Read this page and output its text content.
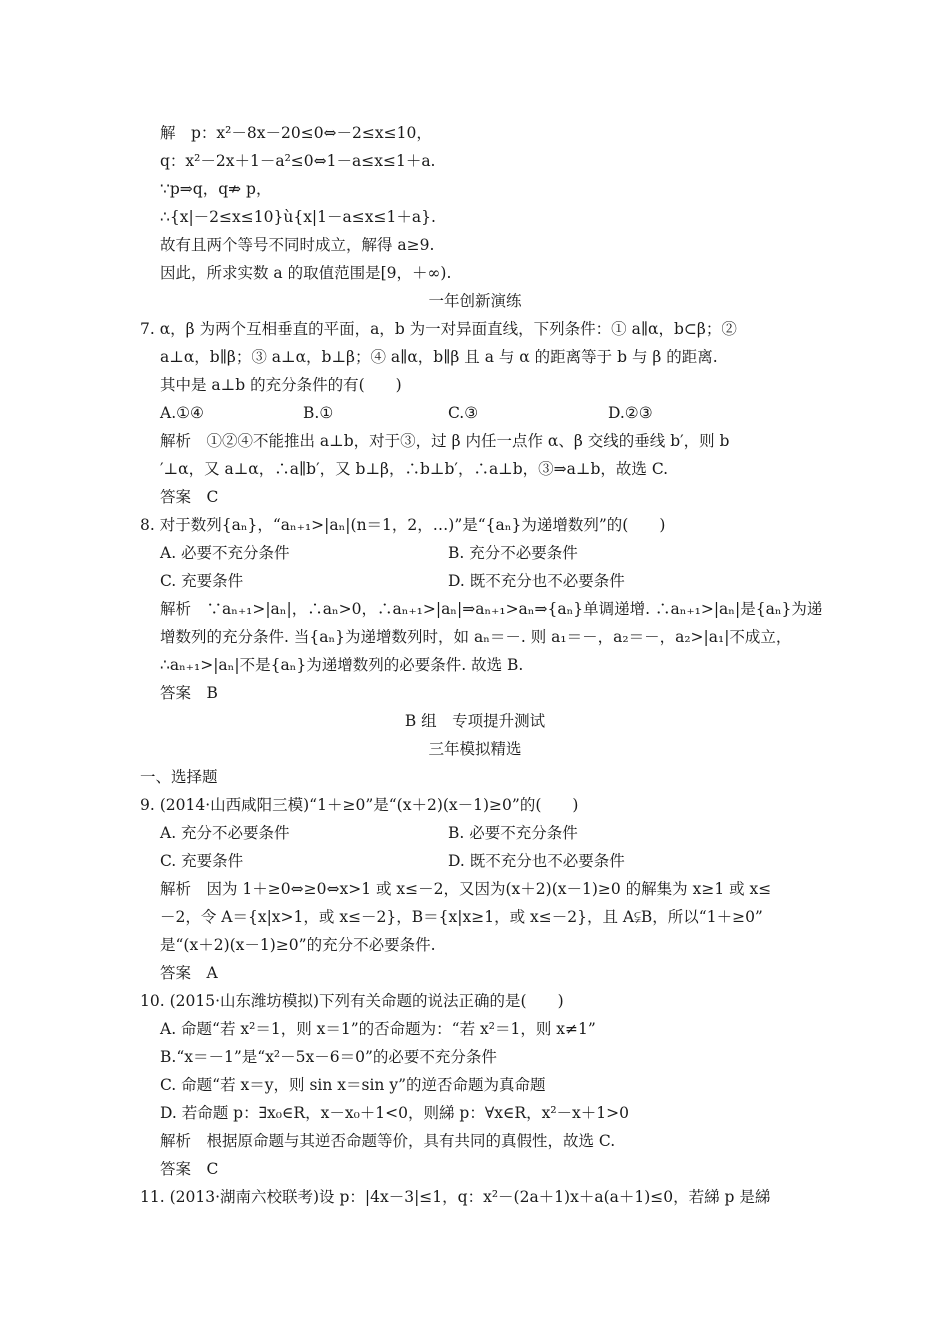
解　p：x²－8x－20≤0⇔－2≤x≤10，
q：x²－2x＋1－a²≤0⇔1－a≤x≤1＋a.
∵p⇒q，q⇏ p，
∴{x|－2≤x≤10}ù{x|1－a≤x≤1＋a}.
故有且两个等号不同时成立，解得 a≥9.
因此，所求实数 a 的取值范围是[9，＋∞).
一年创新演练
7. α，β 为两个互相垂直的平面，a，b 为一对异面直线，下列条件：① a∥α，b⊂β；②
a⊥α，b∥β；③ a⊥α，b⊥β；④ a∥α，b∥β 且 a 与 α 的距离等于 b 与 β 的距离.
其中是 a⊥b 的充分条件的有(　　)
A.①④	B.①	C.③	D.②③
解析　①②④不能推出 a⊥b，对于③，过 β 内任一点作 α、β 交线的垂线 b′，则 b
′⊥α，又 a⊥α，∴a∥b′，又 b⊥β，∴b⊥b′，∴a⊥b，③⇒a⊥b，故选 C.
答案　C
8. 对于数列{aₙ}，“aₙ₊₁>|aₙ|(n＝1，2，…)”是“{aₙ}为递增数列”的(　　)
A. 必要不充分条件	B. 充分不必要条件
C. 充要条件	D. 既不充分也不必要条件
解析　∵aₙ₊₁>|aₙ|，∴aₙ>0，∴aₙ₊₁>|aₙ|⇒aₙ₊₁>aₙ⇒{aₙ}单调递增. ∴aₙ₊₁>|aₙ|是{aₙ}为递
增数列的充分条件. 当{aₙ}为递增数列时，如 aₙ＝－. 则 a₁＝－，a₂＝－，a₂>|a₁|不成立，
∴aₙ₊₁>|aₙ|不是{aₙ}为递增数列的必要条件. 故选 B.
答案　B
B 组　专项提升测试
三年模拟精选
一、选择题
9. (2014·山西咸阳三模)“1＋≥0”是“(x＋2)(x－1)≥0”的(　　)
A. 充分不必要条件	B. 必要不充分条件
C. 充要条件	D. 既不充分也不必要条件
解析　因为 1＋≥0⇔≥0⇔x>1 或 x≤－2，又因为(x＋2)(x－1)≥0 的解集为 x≥1 或 x≤
－2，令 A＝{x|x>1，或 x≤－2}，B＝{x|x≥1，或 x≤－2}，且 A⫋B，所以“1＋≥0”
是“(x＋2)(x－1)≥0”的充分不必要条件.
答案　A
10. (2015·山东潍坊模拟)下列有关命题的说法正确的是(　　)
A. 命题“若 x²＝1，则 x＝1”的否命题为：“若 x²＝1，则 x≠1”
B.“x＝－1”是“x²－5x－6＝0”的必要不充分条件
C. 命题“若 x＝y，则 sin x＝sin y”的逆否命题为真命题
D. 若命题 p：∃x₀∈R，x－x₀＋1<0，则綈 p：∀x∈R，x²－x＋1>0
解析　根据原命题与其逆否命题等价，具有共同的真假性，故选 C.
答案　C
11. (2013·湖南六校联考)设 p：|4x－3|≤1，q：x²－(2a＋1)x＋a(a＋1)≤0，若綈 p 是綈
